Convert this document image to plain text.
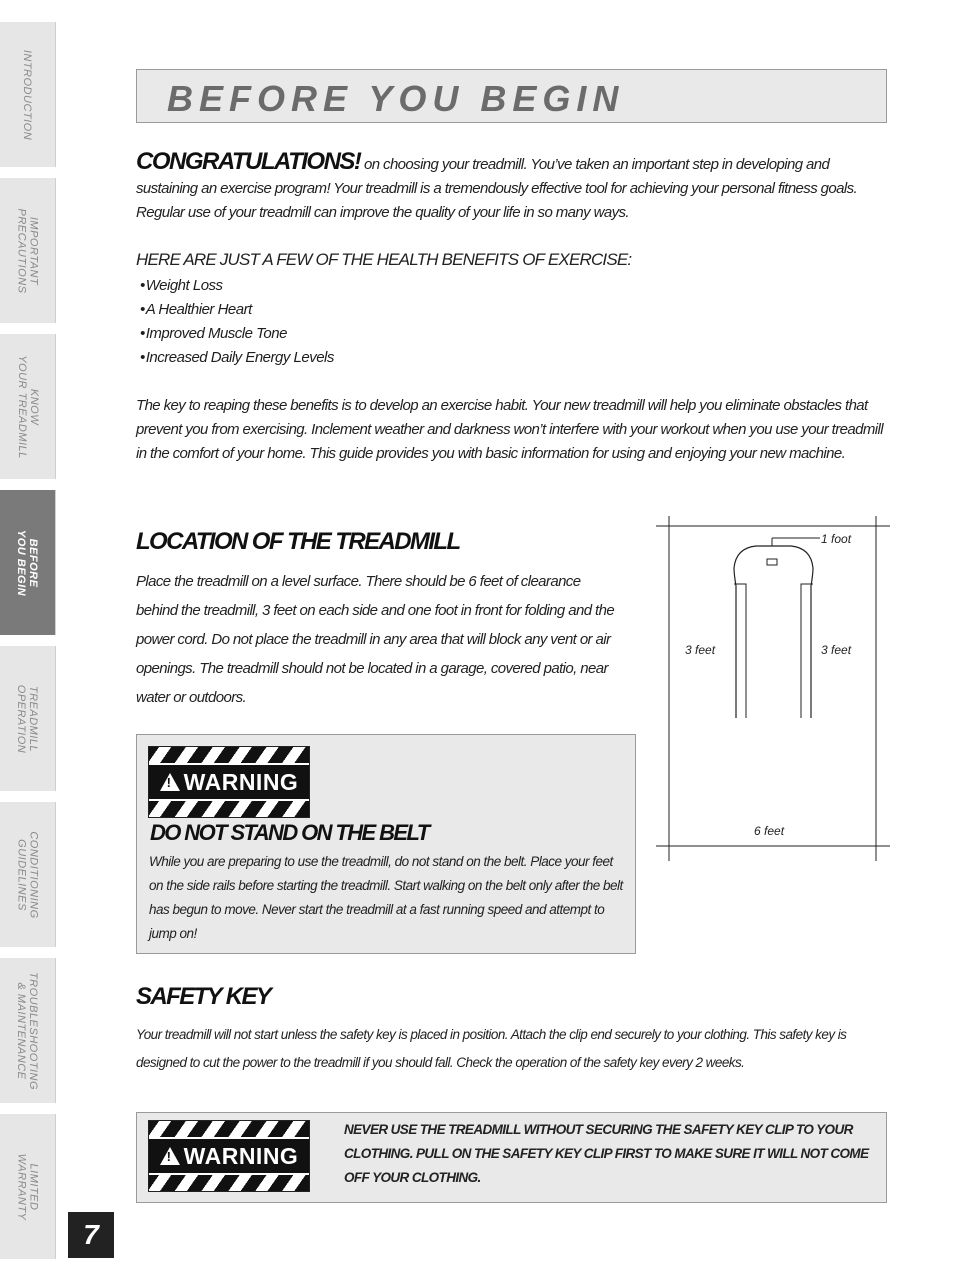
INTRODUCTION
IMPORTANT
PRECAUTIONS
KNOW
YOUR TREADMILL
BEFORE
YOU BEGIN
TREADMILL
OPERATION
CONDITIONING
GUIDELINES
TROUBLESHOOTING
& MAINTENANCE
LIMITED
WARRANTY
7
BEFORE YOU BEGIN
CONGRATULATIONS! on choosing your treadmill. You’ve taken an important step in developing and sustaining an exercise program! Your treadmill is a tremendously effective tool for achieving your personal fitness goals. Regular use of your treadmill can improve the quality of your life in so many ways.
HERE ARE JUST A FEW OF THE HEALTH BENEFITS OF EXERCISE:
• Weight Loss
• A Healthier Heart
• Improved Muscle Tone
• Increased Daily Energy Levels
The key to reaping these benefits is to develop an exercise habit. Your new treadmill will help you eliminate obstacles that prevent you from exercising. Inclement weather and darkness won’t interfere with your workout when you use your treadmill in the comfort of your home. This guide provides you with basic information for using and enjoying your new machine.
LOCATION OF THE TREADMILL
Place the treadmill on a level surface. There should be 6 feet of clearance behind the treadmill, 3 feet on each side and one foot in front for folding and the power cord. Do not place the treadmill in any area that will block any vent or air openings. The treadmill should not be located in a garage, covered patio, near water or outdoors.
1 foot
3 feet	3 feet
6 feet
!
WARNING
DO NOT STAND ON THE BELT
While you are preparing to use the treadmill, do not stand on the belt. Place your feet on the side rails before starting the treadmill. Start walking on the belt only after the belt has begun to move. Never start the treadmill at a fast running speed and attempt to jump on!
SAFETY KEY
Your treadmill will not start unless the safety key is placed in position. Attach the clip end securely to your clothing. This safety key is designed to cut the power to the treadmill if you should fall. Check the operation of the safety key every 2 weeks.
!
WARNING
NEVER USE THE TREADMILL WITHOUT SECURING THE SAFETY KEY CLIP TO YOUR CLOTHING. PULL ON THE SAFETY KEY CLIP FIRST TO MAKE SURE IT WILL NOT COME OFF YOUR CLOTHING.
